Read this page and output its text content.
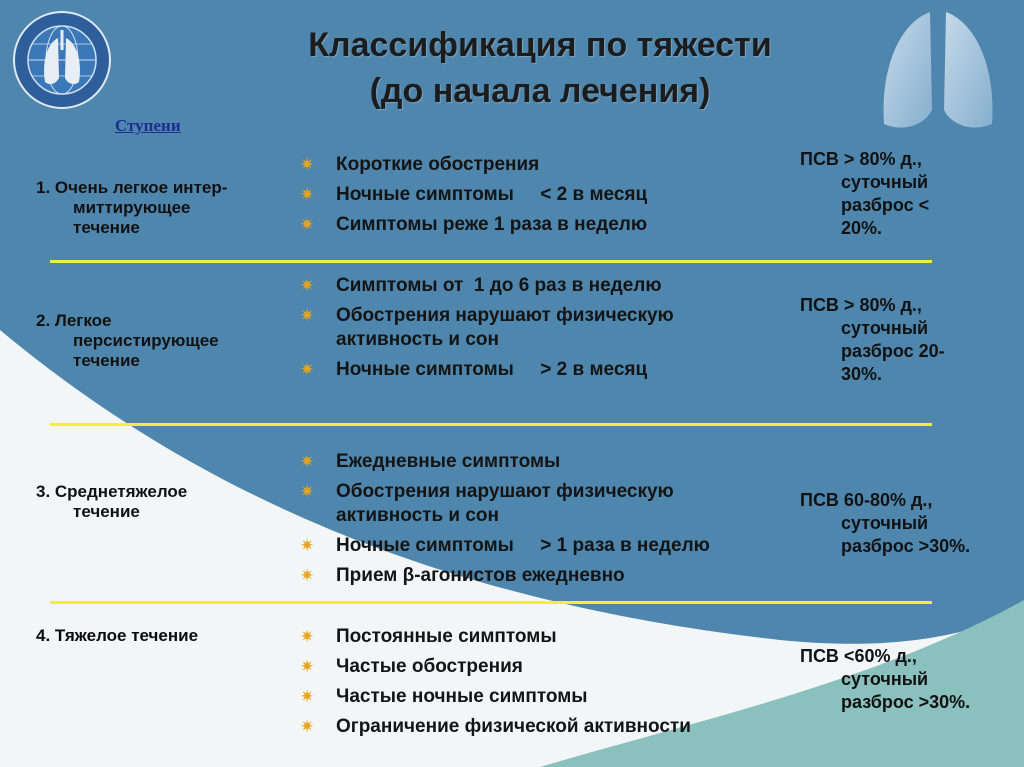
Классификация по тяжести
(до начала лечения)
Ступени
1. Очень легкое интер-
миттирующее
течение
✷ Короткие обострения
✷ Ночные симптомы     < 2 в месяц
✷ Симптомы реже 1 раза в неделю
ПСВ > 80% д.,
суточный
разброс <
20%.
2. Легкое
персистирующее
течение
✷ Симптомы от  1 до 6 раз в неделю
✷ Обострения нарушают физическую активность и сон
✷ Ночные симптомы     > 2 в месяц
ПСВ > 80% д.,
суточный
разброс 20-
30%.
3. Среднетяжелое
течение
✷ Ежедневные симптомы
✷ Обострения нарушают физическую активность и сон
✷ Ночные симптомы     > 1 раза в неделю
✷ Прием β-агонистов ежедневно
ПСВ 60-80% д.,
суточный
разброс >30%.
4. Тяжелое течение	✷ Постоянные симптомы
✷ Частые обострения
✷ Частые ночные симптомы
✷ Ограничение физической активности
ПСВ <60% д.,
суточный
разброс >30%.
